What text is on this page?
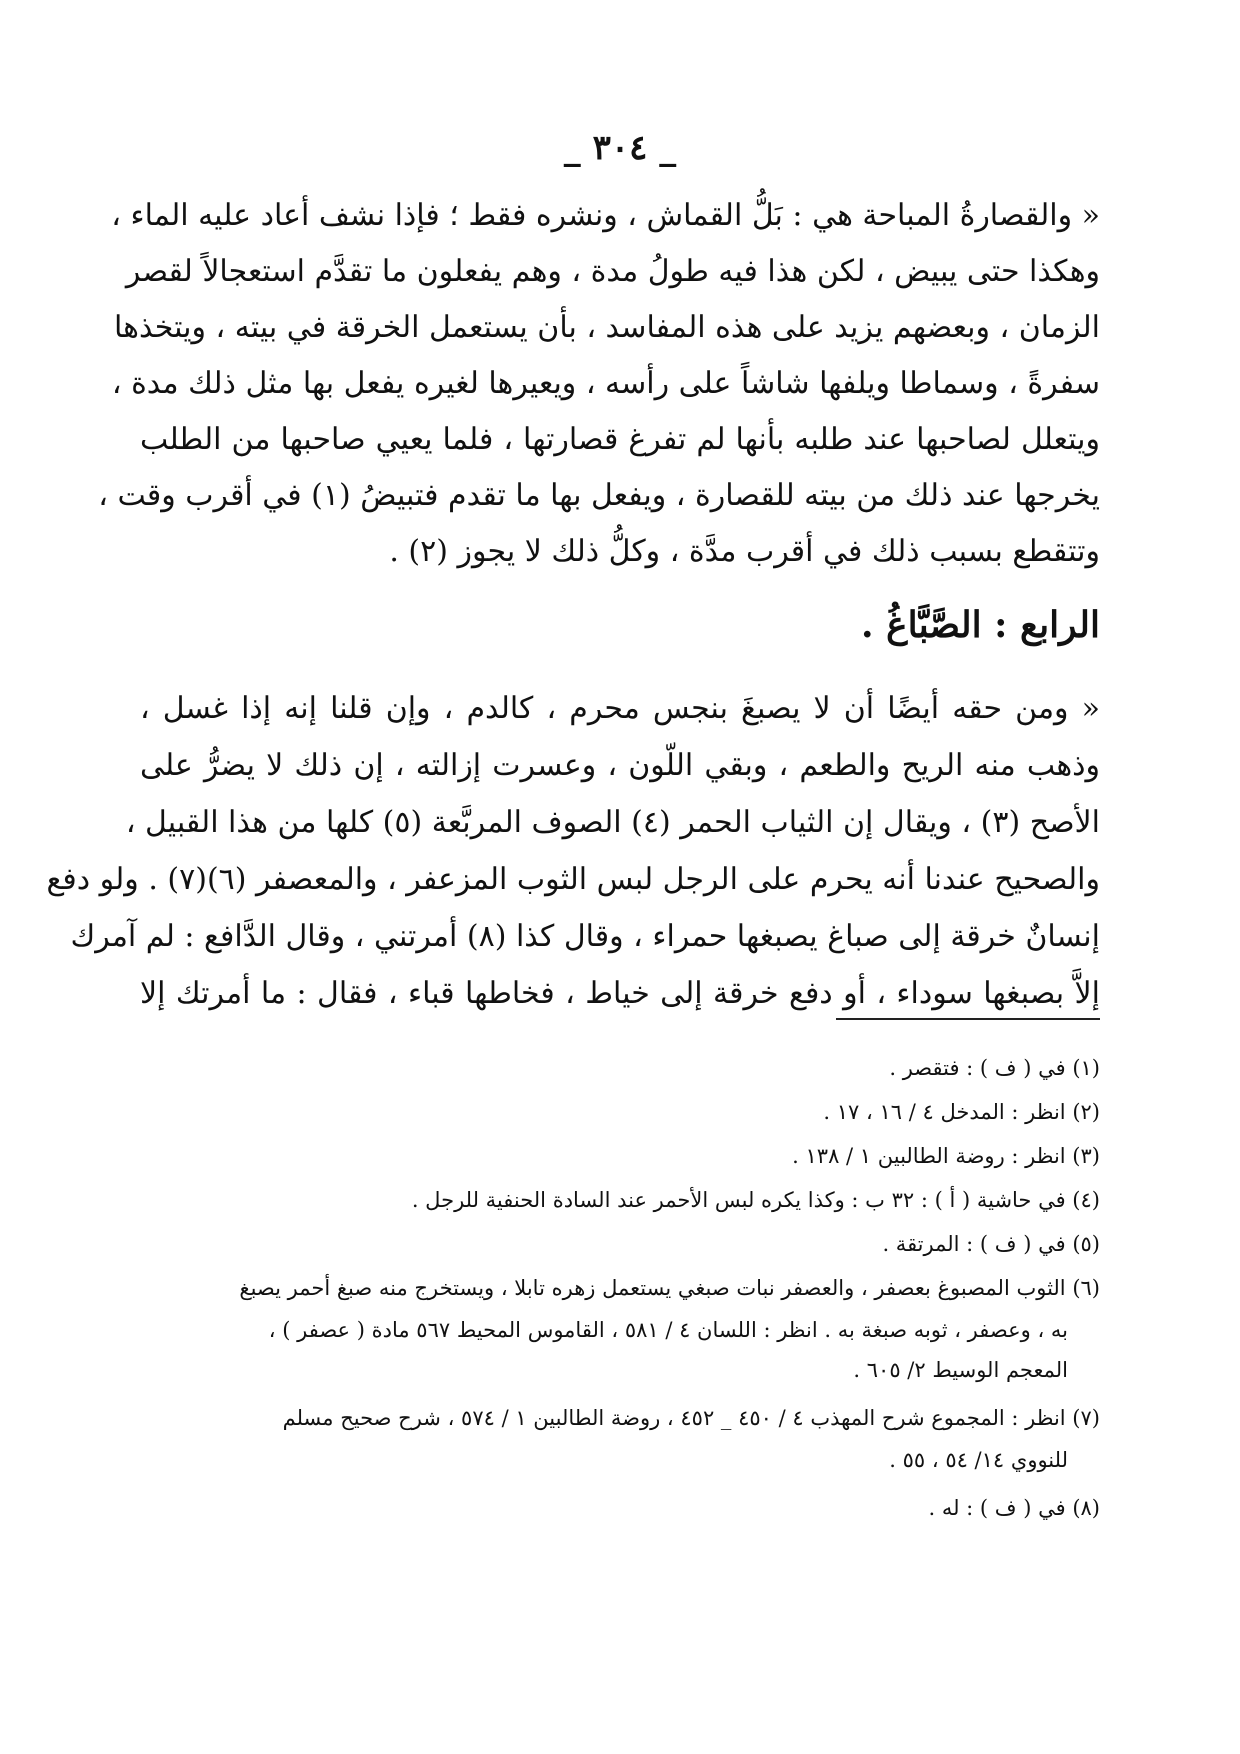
_ ٣٠٤ _
« والقصارةُ المباحة هي : بَلُّ القماش ، ونشره فقط ؛ فإذا نشف أعاد عليه الماء ،
وهكذا حتى يبيض ، لكن هذا فيه طولُ مدة ، وهم يفعلون ما تقدَّم استعجالاً لقصر
الزمان ، وبعضهم يزيد على هذه المفاسد ، بأن يستعمل الخرقة في بيته ، ويتخذها
سفرةً ، وسماطا ويلفها شاشاً على رأسه ، ويعيرها لغيره يفعل بها مثل ذلك مدة ،
ويتعلل لصاحبها عند طلبه بأنها لم تفرغ قصارتها ، فلما يعيي صاحبها من الطلب
يخرجها عند ذلك من بيته للقصارة ، ويفعل بها ما تقدم فتبيضُ (١) في أقرب وقت ،
وتتقطع بسبب ذلك في أقرب مدَّة ، وكلُّ ذلك لا يجوز (٢) .
الرابع : الصَّبَّاغُ .
« ومن حقه أيضًا أن لا يصبغَ بنجس محرم ، كالدم ، وإن قلنا إنه إذا غسل ،
وذهب منه الريح والطعم ، وبقي اللّون ، وعسرت إزالته ، إن ذلك لا يضرُّ على
الأصح (٣) ، ويقال إن الثياب الحمر (٤) الصوف المربَّعة (٥) كلها من هذا القبيل ،
والصحيح عندنا أنه يحرم على الرجل لبس الثوب المزعفر ، والمعصفر (٦)(٧) . ولو دفع
إنسانٌ خرقة إلى صباغ يصبغها حمراء ، وقال كذا (٨) أمرتني ، وقال الدَّافع : لم آمرك
إلاَّ بصبغها سوداء ، أو دفع خرقة إلى خياط ، فخاطها قباء ، فقال : ما أمرتك إلا
(١) في ( ف ) : فتقصر .
(٢) انظر : المدخل ٤ / ١٦ ، ١٧ .
(٣) انظر : روضة الطالبين ١ / ١٣٨ .
(٤) في حاشية ( أ ) : ٣٢ ب : وكذا يكره لبس الأحمر عند السادة الحنفية للرجل .
(٥) في ( ف ) : المرتقة .
(٦) الثوب المصبوغ بعصفر ، والعصفر نبات صبغي يستعمل زهره تابلا ، ويستخرج منه صبغ أحمر يصبغ
به ، وعصفر ، ثوبه صبغة به . انظر : اللسان ٤ / ٥٨١ ، القاموس المحيط ٥٦٧ مادة ( عصفر ) ،
المعجم الوسيط ٢/ ٦٠٥ .
(٧) انظر : المجموع شرح المهذب ٤ / ٤٥٠ _ ٤٥٢ ، روضة الطالبين ١ / ٥٧٤ ، شرح صحيح مسلم
للنووي ١٤/ ٥٤ ، ٥٥ .
(٨) في ( ف ) : له .
